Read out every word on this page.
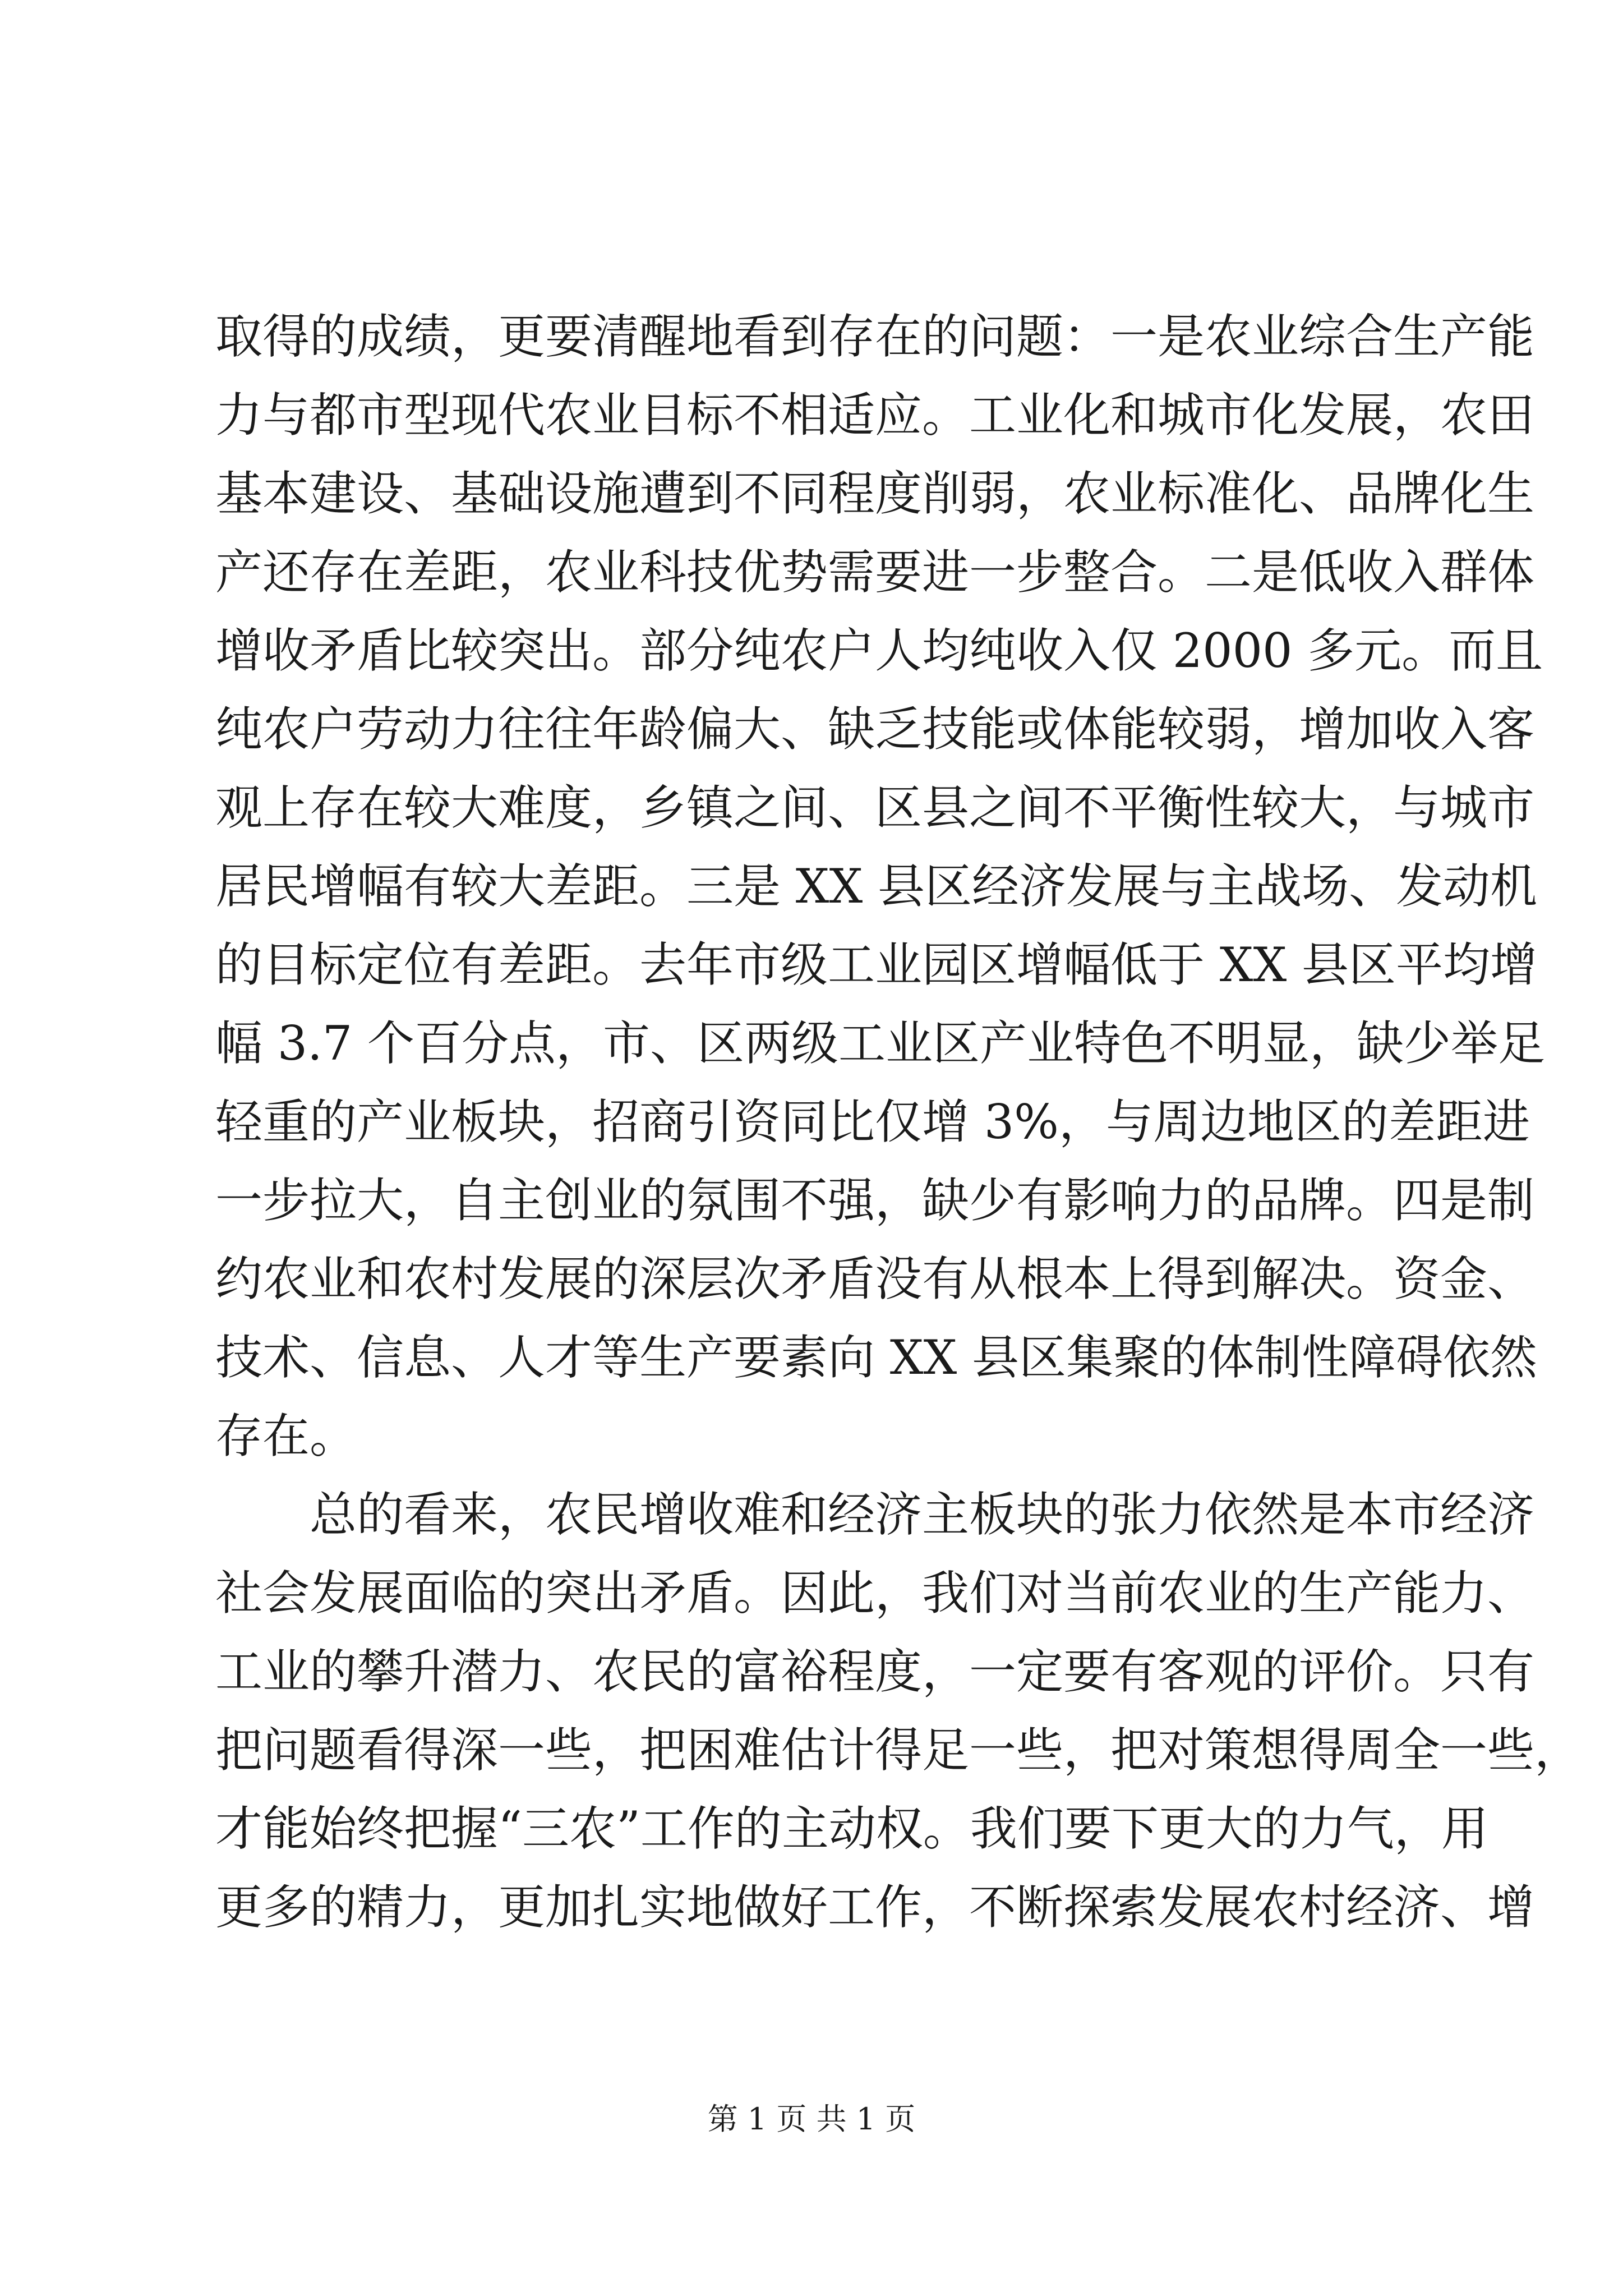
取得的成绩，更要清醒地看到存在的问题：一是农业综合生产能
力与都市型现代农业目标不相适应。工业化和城市化发展，农田
基本建设、基础设施遭到不同程度削弱，农业标准化、品牌化生
产还存在差距，农业科技优势需要进一步整合。二是低收入群体
增收矛盾比较突出。部分纯农户人均纯收入仅 2000 多元。而且
纯农户劳动力往往年龄偏大、缺乏技能或体能较弱，增加收入客
观上存在较大难度，乡镇之间、区县之间不平衡性较大，与城市
居民增幅有较大差距。三是 XX 县区经济发展与主战场、发动机
的目标定位有差距。去年市级工业园区增幅低于 XX 县区平均增
幅 3.7 个百分点，市、区两级工业区产业特色不明显，缺少举足
轻重的产业板块，招商引资同比仅增 3%，与周边地区的差距进
一步拉大，自主创业的氛围不强，缺少有影响力的品牌。四是制
约农业和农村发展的深层次矛盾没有从根本上得到解决。资金、
技术、信息、人才等生产要素向 XX 县区集聚的体制性障碍依然
存在。
总的看来，农民增收难和经济主板块的张力依然是本市经济
社会发展面临的突出矛盾。因此，我们对当前农业的生产能力、
工业的攀升潜力、农民的富裕程度，一定要有客观的评价。只有
把问题看得深一些，把困难估计得足一些，把对策想得周全一些，
才能始终把握“三农”工作的主动权。我们要下更大的力气，用
更多的精力，更加扎实地做好工作，不断探索发展农村经济、增
第 1 页 共 1 页
